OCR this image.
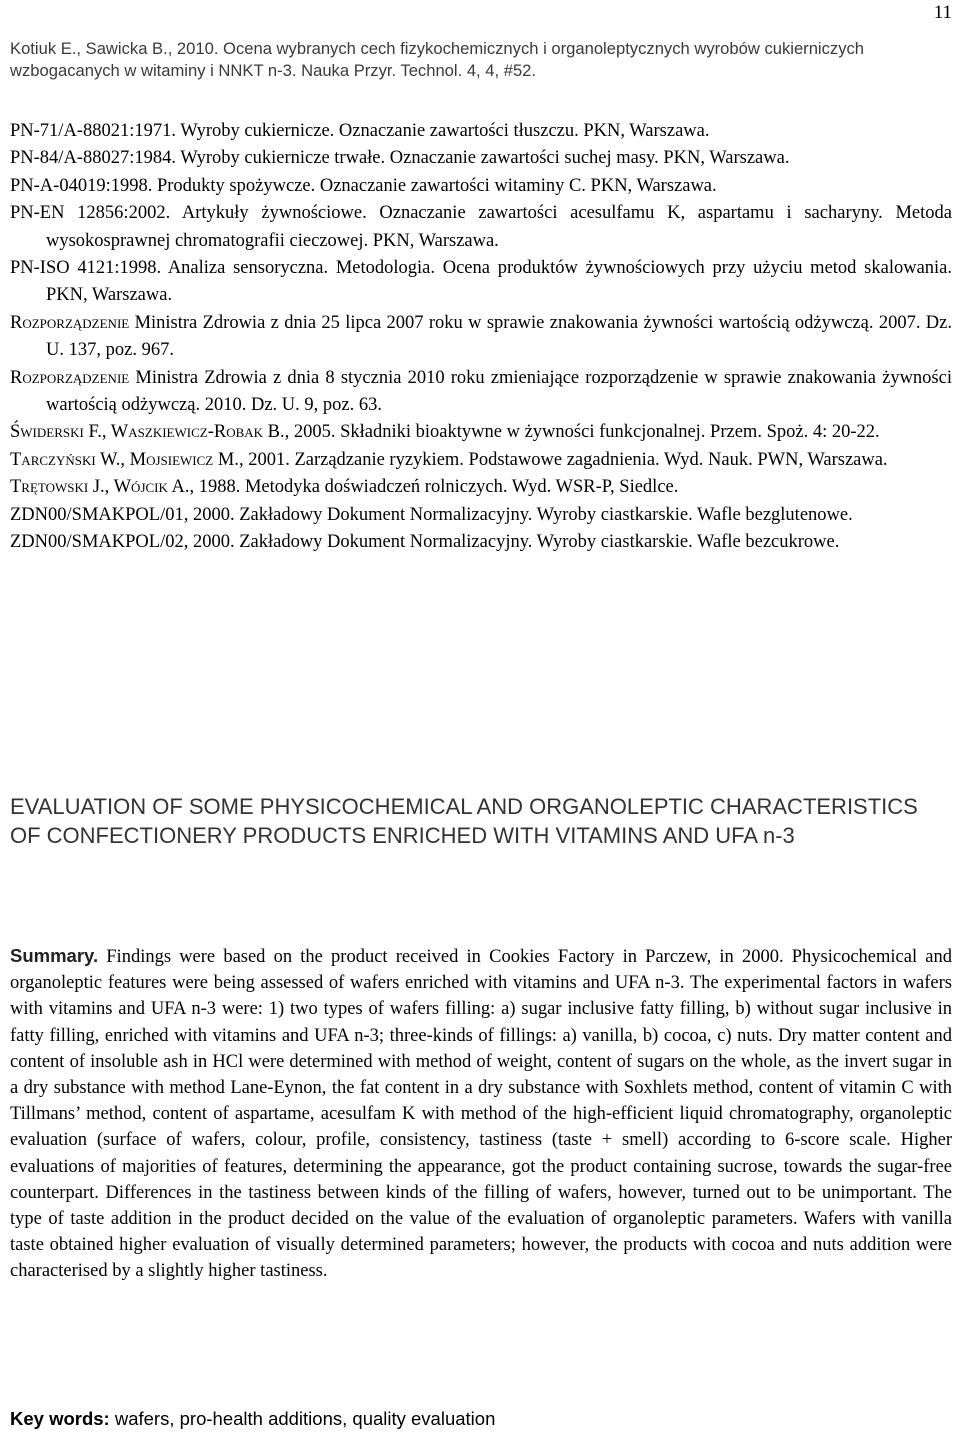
11
Kotiuk E., Sawicka B., 2010. Ocena wybranych cech fizykochemicznych i organoleptycznych wyrobów cukierniczych wzbogacanych w witaminy i NNKT n-3. Nauka Przyr. Technol. 4, 4, #52.
PN-71/A-88021:1971. Wyroby cukiernicze. Oznaczanie zawartości tłuszczu. PKN, Warszawa.
PN-84/A-88027:1984. Wyroby cukiernicze trwałe. Oznaczanie zawartości suchej masy. PKN, Warszawa.
PN-A-04019:1998. Produkty spożywcze. Oznaczanie zawartości witaminy C. PKN, Warszawa.
PN-EN 12856:2002. Artykuły żywnościowe. Oznaczanie zawartości acesulfamu K, aspartamu i sacharyny. Metoda wysokosprawnej chromatografii cieczowej. PKN, Warszawa.
PN-ISO 4121:1998. Analiza sensoryczna. Metodologia. Ocena produktów żywnościowych przy użyciu metod skalowania. PKN, Warszawa.
Rozporządzenie Ministra Zdrowia z dnia 25 lipca 2007 roku w sprawie znakowania żywności wartością odżywczą. 2007. Dz. U. 137, poz. 967.
Rozporządzenie Ministra Zdrowia z dnia 8 stycznia 2010 roku zmieniające rozporządzenie w sprawie znakowania żywności wartością odżywczą. 2010. Dz. U. 9, poz. 63.
Świderski F., Waszkiewicz-Robak B., 2005. Składniki bioaktywne w żywności funkcjonalnej. Przem. Spoż. 4: 20-22.
Tarczyński W., Mojsiewicz M., 2001. Zarządzanie ryzykiem. Podstawowe zagadnienia. Wyd. Nauk. PWN, Warszawa.
Trętowski J., Wójcik A., 1988. Metodyka doświadczeń rolniczych. Wyd. WSR-P, Siedlce.
ZDN00/SMAKPOL/01, 2000. Zakładowy Dokument Normalizacyjny. Wyroby ciastkarskie. Wafle bezglutenowe.
ZDN00/SMAKPOL/02, 2000. Zakładowy Dokument Normalizacyjny. Wyroby ciastkarskie. Wafle bezcukrowe.
EVALUATION OF SOME PHYSICOCHEMICAL AND ORGANOLEPTIC CHARACTERISTICS OF CONFECTIONERY PRODUCTS ENRICHED WITH VITAMINS AND UFA n-3

Summary. Findings were based on the product received in Cookies Factory in Parczew, in 2000. Physicochemical and organoleptic features were being assessed of wafers enriched with vitamins and UFA n-3. The experimental factors in wafers with vitamins and UFA n-3 were: 1) two types of wafers filling: a) sugar inclusive fatty filling, b) without sugar inclusive in fatty filling, enriched with vitamins and UFA n-3; three-kinds of fillings: a) vanilla, b) cocoa, c) nuts. Dry matter content and content of insoluble ash in HCl were determined with method of weight, content of sugars on the whole, as the invert sugar in a dry substance with method Lane-Eynon, the fat content in a dry substance with Soxhlets method, content of vitamin C with Tillmans’ method, content of aspartame, acesulfam K with method of the high-efficient liquid chromatography, organoleptic evaluation (surface of wafers, colour, profile, consistency, tastiness (taste + smell) according to 6-score scale. Higher evaluations of majorities of features, determining the appearance, got the product containing sucrose, towards the sugar-free counterpart. Differences in the tastiness between kinds of the filling of wafers, however, turned out to be unimportant. The type of taste addition in the product decided on the value of the evaluation of organoleptic parameters. Wafers with vanilla taste obtained higher evaluation of visually determined parameters; however, the products with cocoa and nuts addition were characterised by a slightly higher tastiness.

Key words: wafers, pro-health additions, quality evaluation
